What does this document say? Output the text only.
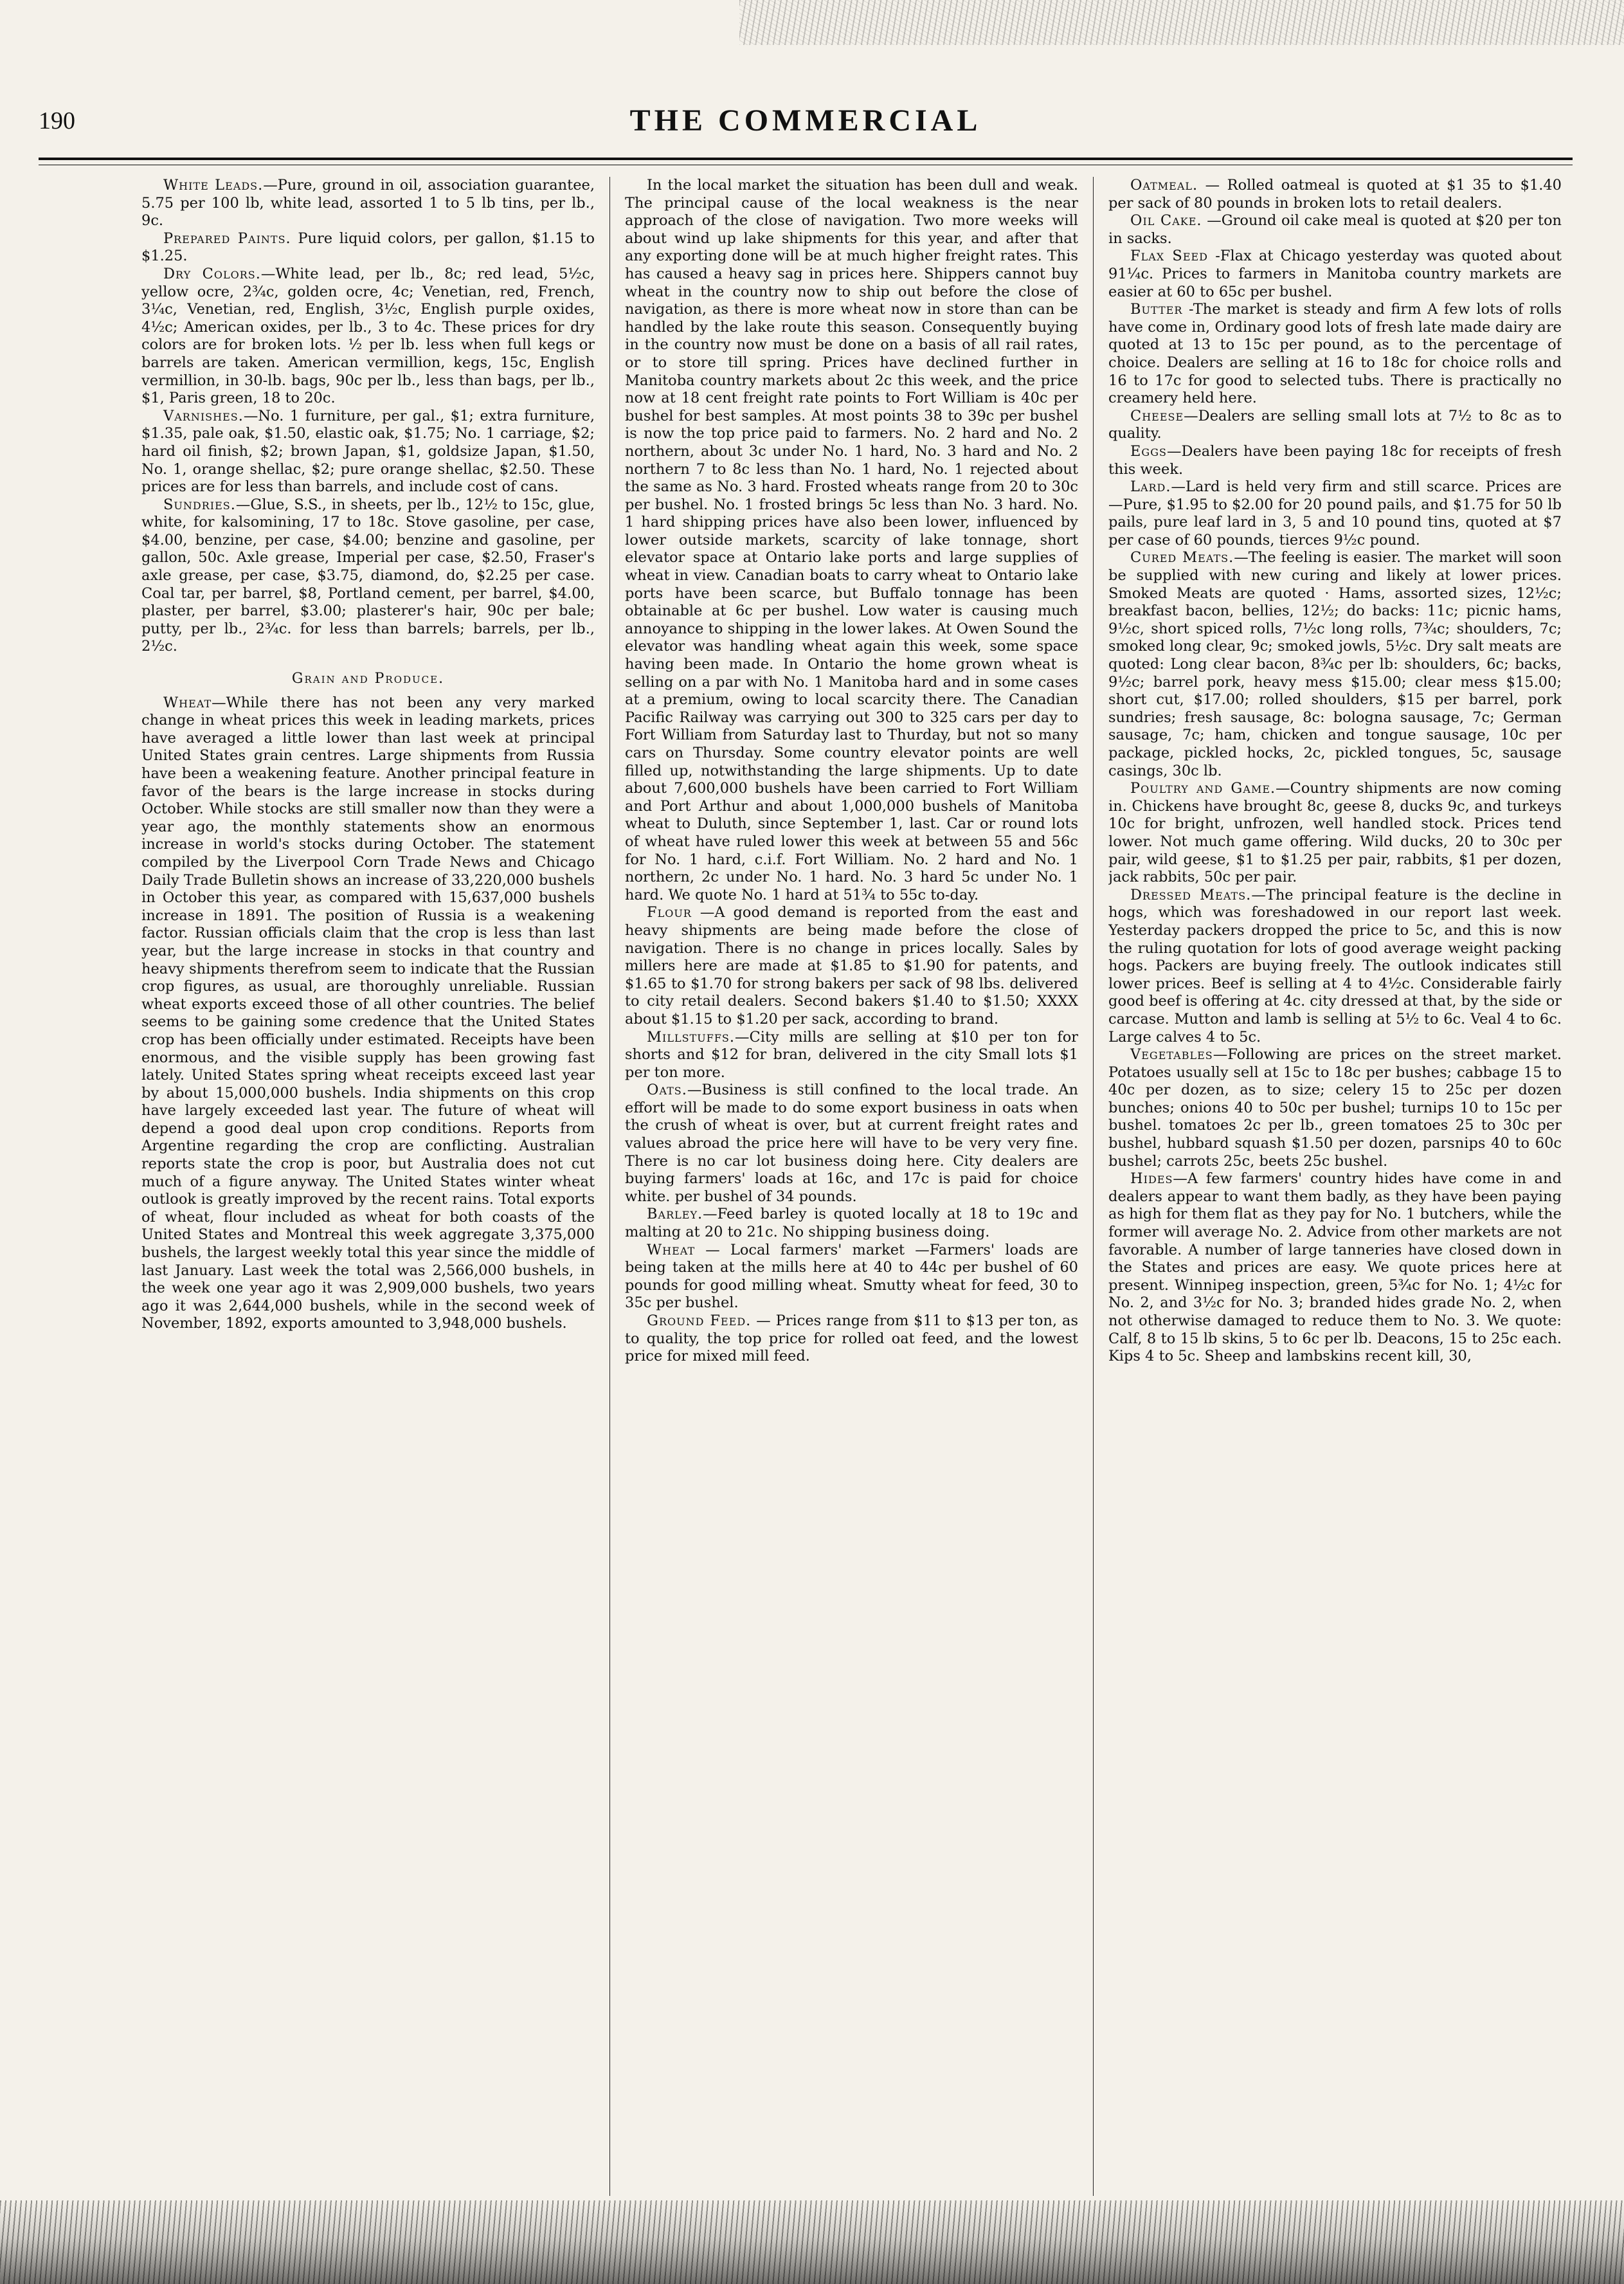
190	THE COMMERCIAL

White Leads.—Pure, ground in oil, association guarantee, 5.75 per 100 lb, white lead, assorted 1 to 5 lb tins, per lb., 9c.

Prepared Paints. Pure liquid colors, per gallon, $1.15 to $1.25.

Dry Colors.—White lead, per lb., 8c; red lead, 5½c, yellow ocre, 2¾c, golden ocre, 4c; Venetian, red, French, 3¼c, Venetian, red, English, 3½c, English purple oxides, 4½c; American oxides, per lb., 3 to 4c. These prices for dry colors are for broken lots. ½ per lb. less when full kegs or barrels are taken. American vermillion, kegs, 15c, English vermillion, in 30-lb. bags, 90c per lb., less than bags, per lb., $1, Paris green, 18 to 20c.

Varnishes.—No. 1 furniture, per gal., $1; extra furniture, $1.35, pale oak, $1.50, elastic oak, $1.75; No. 1 carriage, $2; hard oil finish, $2; brown Japan, $1, goldsize Japan, $1.50, No. 1, orange shellac, $2; pure orange shellac, $2.50. These prices are for less than barrels, and include cost of cans.

Sundries.—Glue, S.S., in sheets, per lb., 12½ to 15c, glue, white, for kalsomining, 17 to 18c. Stove gasoline, per case, $4.00, benzine, per case, $4.00; benzine and gasoline, per gallon, 50c. Axle grease, Imperial per case, $2.50, Fraser's axle grease, per case, $3.75, diamond, do, $2.25 per case. Coal tar, per barrel, $8, Portland cement, per barrel, $4.00, plaster, per barrel, $3.00; plasterer's hair, 90c per bale; putty, per lb., 2¾c. for less than barrels; barrels, per lb., 2½c.

Grain and Produce.

Wheat—While there has not been any very marked change in wheat prices this week in leading markets, prices have averaged a little lower than last week at principal United States grain centres. Large shipments from Russia have been a weakening feature. Another principal feature in favor of the bears is the large increase in stocks during October. While stocks are still smaller now than they were a year ago, the monthly statements show an enormous increase in world's stocks during October. The statement compiled by the Liverpool Corn Trade News and Chicago Daily Trade Bulletin shows an increase of 33,220,000 bushels in October this year, as compared with 15,637,000 bushels increase in 1891. The position of Russia is a weakening factor. Russian officials claim that the crop is less than last year, but the large increase in stocks in that country and heavy shipments therefrom seem to indicate that the Russian crop figures, as usual, are thoroughly unreliable. Russian wheat exports exceed those of all other countries. The belief seems to be gaining some credence that the United States crop has been officially under estimated. Receipts have been enormous, and the visible supply has been growing fast lately. United States spring wheat receipts exceed last year by about 15,000,000 bushels. India shipments on this crop have largely exceeded last year. The future of wheat will depend a good deal upon crop conditions. Reports from Argentine regarding the crop are conflicting. Australian reports state the crop is poor, but Australia does not cut much of a figure anyway. The United States winter wheat outlook is greatly improved by the recent rains. Total exports of wheat, flour included as wheat for both coasts of the United States and Montreal this week aggregate 3,375,000 bushels, the largest weekly total this year since the middle of last January. Last week the total was 2,566,000 bushels, in the week one year ago it was 2,909,000 bushels, two years ago it was 2,644,000 bushels, while in the second week of November, 1892, exports amounted to 3,948,000 bushels.

In the local market the situation has been dull and weak. The principal cause of the local weakness is the near approach of the close of navigation. Two more weeks will about wind up lake shipments for this year, and after that any exporting done will be at much higher freight rates. This has caused a heavy sag in prices here. Shippers cannot buy wheat in the country now to ship out before the close of navigation, as there is more wheat now in store than can be handled by the lake route this season. Consequently buying in the country now must be done on a basis of all rail rates, or to store till spring. Prices have declined further in Manitoba country markets about 2c this week, and the price now at 18 cent freight rate points to Fort William is 40c per bushel for best samples. At most points 38 to 39c per bushel is now the top price paid to farmers. No. 2 hard and No. 2 northern, about 3c under No. 1 hard, No. 3 hard and No. 2 northern 7 to 8c less than No. 1 hard, No. 1 rejected about the same as No. 3 hard. Frosted wheats range from 20 to 30c per bushel. No. 1 frosted brings 5c less than No. 3 hard. No. 1 hard shipping prices have also been lower, influenced by lower outside markets, scarcity of lake tonnage, short elevator space at Ontario lake ports and large supplies of wheat in view. Canadian boats to carry wheat to Ontario lake ports have been scarce, but Buffalo tonnage has been obtainable at 6c per bushel. Low water is causing much annoyance to shipping in the lower lakes. At Owen Sound the elevator was handling wheat again this week, some space having been made. In Ontario the home grown wheat is selling on a par with No. 1 Manitoba hard and in some cases at a premium, owing to local scarcity there. The Canadian Pacific Railway was carrying out 300 to 325 cars per day to Fort William from Saturday last to Thurday, but not so many cars on Thursday. Some country elevator points are well filled up, notwithstanding the large shipments. Up to date about 7,600,000 bushels have been carried to Fort William and Port Arthur and about 1,000,000 bushels of Manitoba wheat to Duluth, since September 1, last. Car or round lots of wheat have ruled lower this week at between 55 and 56c for No. 1 hard, c.i.f. Fort William. No. 2 hard and No. 1 northern, 2c under No. 1 hard. No. 3 hard 5c under No. 1 hard. We quote No. 1 hard at 51¾ to 55c to-day.

Flour —A good demand is reported from the east and heavy shipments are being made before the close of navigation. There is no change in prices locally. Sales by millers here are made at $1.85 to $1.90 for patents, and $1.65 to $1.70 for strong bakers per sack of 98 lbs. delivered to city retail dealers. Second bakers $1.40 to $1.50; XXXX about $1.15 to $1.20 per sack, according to brand.

Millstuffs.—City mills are selling at $10 per ton for shorts and $12 for bran, delivered in the city Small lots $1 per ton more.

Oats.—Business is still confined to the local trade. An effort will be made to do some export business in oats when the crush of wheat is over, but at current freight rates and values abroad the price here will have to be very very fine. There is no car lot business doing here. City dealers are buying farmers' loads at 16c, and 17c is paid for choice white. per bushel of 34 pounds.

Barley.—Feed barley is quoted locally at 18 to 19c and malting at 20 to 21c. No shipping business doing.

Wheat — Local farmers' market —Farmers' loads are being taken at the mills here at 40 to 44c per bushel of 60 pounds for good milling wheat. Smutty wheat for feed, 30 to 35c per bushel.

Ground Feed. — Prices range from $11 to $13 per ton, as to quality, the top price for rolled oat feed, and the lowest price for mixed mill feed.

Oatmeal. — Rolled oatmeal is quoted at $1 35 to $1.40 per sack of 80 pounds in broken lots to retail dealers.

Oil Cake. —Ground oil cake meal is quoted at $20 per ton in sacks.

Flax Seed -Flax at Chicago yesterday was quoted about 91¼c. Prices to farmers in Manitoba country markets are easier at 60 to 65c per bushel.

Butter -The market is steady and firm A few lots of rolls have come in, Ordinary good lots of fresh late made dairy are quoted at 13 to 15c per pound, as to the percentage of choice. Dealers are selling at 16 to 18c for choice rolls and 16 to 17c for good to selected tubs. There is practically no creamery held here.

Cheese—Dealers are selling small lots at 7½ to 8c as to quality.

Eggs—Dealers have been paying 18c for receipts of fresh this week.

Lard.—Lard is held very firm and still scarce. Prices are —Pure, $1.95 to $2.00 for 20 pound pails, and $1.75 for 50 lb pails, pure leaf lard in 3, 5 and 10 pound tins, quoted at $7 per case of 60 pounds, tierces 9½c pound.

Cured Meats.—The feeling is easier. The market will soon be supplied with new curing and likely at lower prices. Smoked Meats are quoted · Hams, assorted sizes, 12½c; breakfast bacon, bellies, 12½; do backs: 11c; picnic hams, 9½c, short spiced rolls, 7½c long rolls, 7¾c; shoulders, 7c; smoked long clear, 9c; smoked jowls, 5½c. Dry salt meats are quoted: Long clear bacon, 8¾c per lb: shoulders, 6c; backs, 9½c; barrel pork, heavy mess $15.00; clear mess $15.00; short cut, $17.00; rolled shoulders, $15 per barrel, pork sundries; fresh sausage, 8c: bologna sausage, 7c; German sausage, 7c; ham, chicken and tongue sausage, 10c per package, pickled hocks, 2c, pickled tongues, 5c, sausage casings, 30c lb.

Poultry and Game.—Country shipments are now coming in. Chickens have brought 8c, geese 8, ducks 9c, and turkeys 10c for bright, unfrozen, well handled stock. Prices tend lower. Not much game offering. Wild ducks, 20 to 30c per pair, wild geese, $1 to $1.25 per pair, rabbits, $1 per dozen, jack rabbits, 50c per pair.

Dressed Meats.—The principal feature is the decline in hogs, which was foreshadowed in our report last week. Yesterday packers dropped the price to 5c, and this is now the ruling quotation for lots of good average weight packing hogs. Packers are buying freely. The outlook indicates still lower prices. Beef is selling at 4 to 4½c. Considerable fairly good beef is offering at 4c. city dressed at that, by the side or carcase. Mutton and lamb is selling at 5½ to 6c. Veal 4 to 6c. Large calves 4 to 5c.

Vegetables—Following are prices on the street market. Potatoes usually sell at 15c to 18c per bushes; cabbage 15 to 40c per dozen, as to size; celery 15 to 25c per dozen bunches; onions 40 to 50c per bushel; turnips 10 to 15c per bushel. tomatoes 2c per lb., green tomatoes 25 to 30c per bushel, hubbard squash $1.50 per dozen, parsnips 40 to 60c bushel; carrots 25c, beets 25c bushel.

Hides—A few farmers' country hides have come in and dealers appear to want them badly, as they have been paying as high for them flat as they pay for No. 1 butchers, while the former will average No. 2. Advice from other markets are not favorable. A number of large tanneries have closed down in the States and prices are easy. We quote prices here at present. Winnipeg inspection, green, 5¾c for No. 1; 4½c for No. 2, and 3½c for No. 3; branded hides grade No. 2, when not otherwise damaged to reduce them to No. 3. We quote: Calf, 8 to 15 lb skins, 5 to 6c per lb. Deacons, 15 to 25c each. Kips 4 to 5c. Sheep and lambskins recent kill, 30,
